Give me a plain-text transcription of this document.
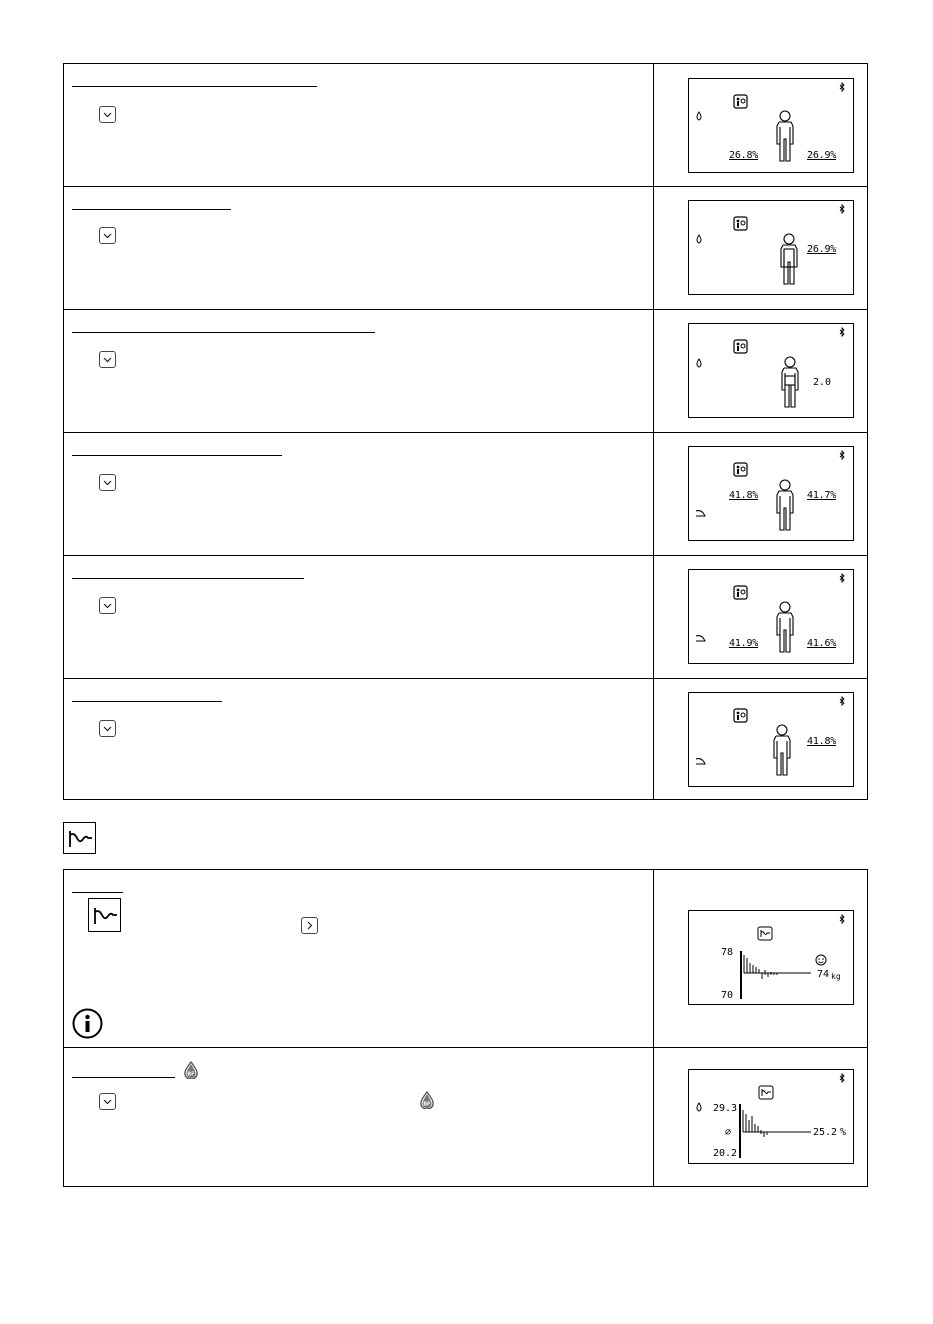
26.8%	26.9%
26.9%
2.0
41.8%	41.7%
41.9%	41.6%
41.8%
78
70
74 kg
BF
BF	29.3
⌀
20.2
25.2 %
